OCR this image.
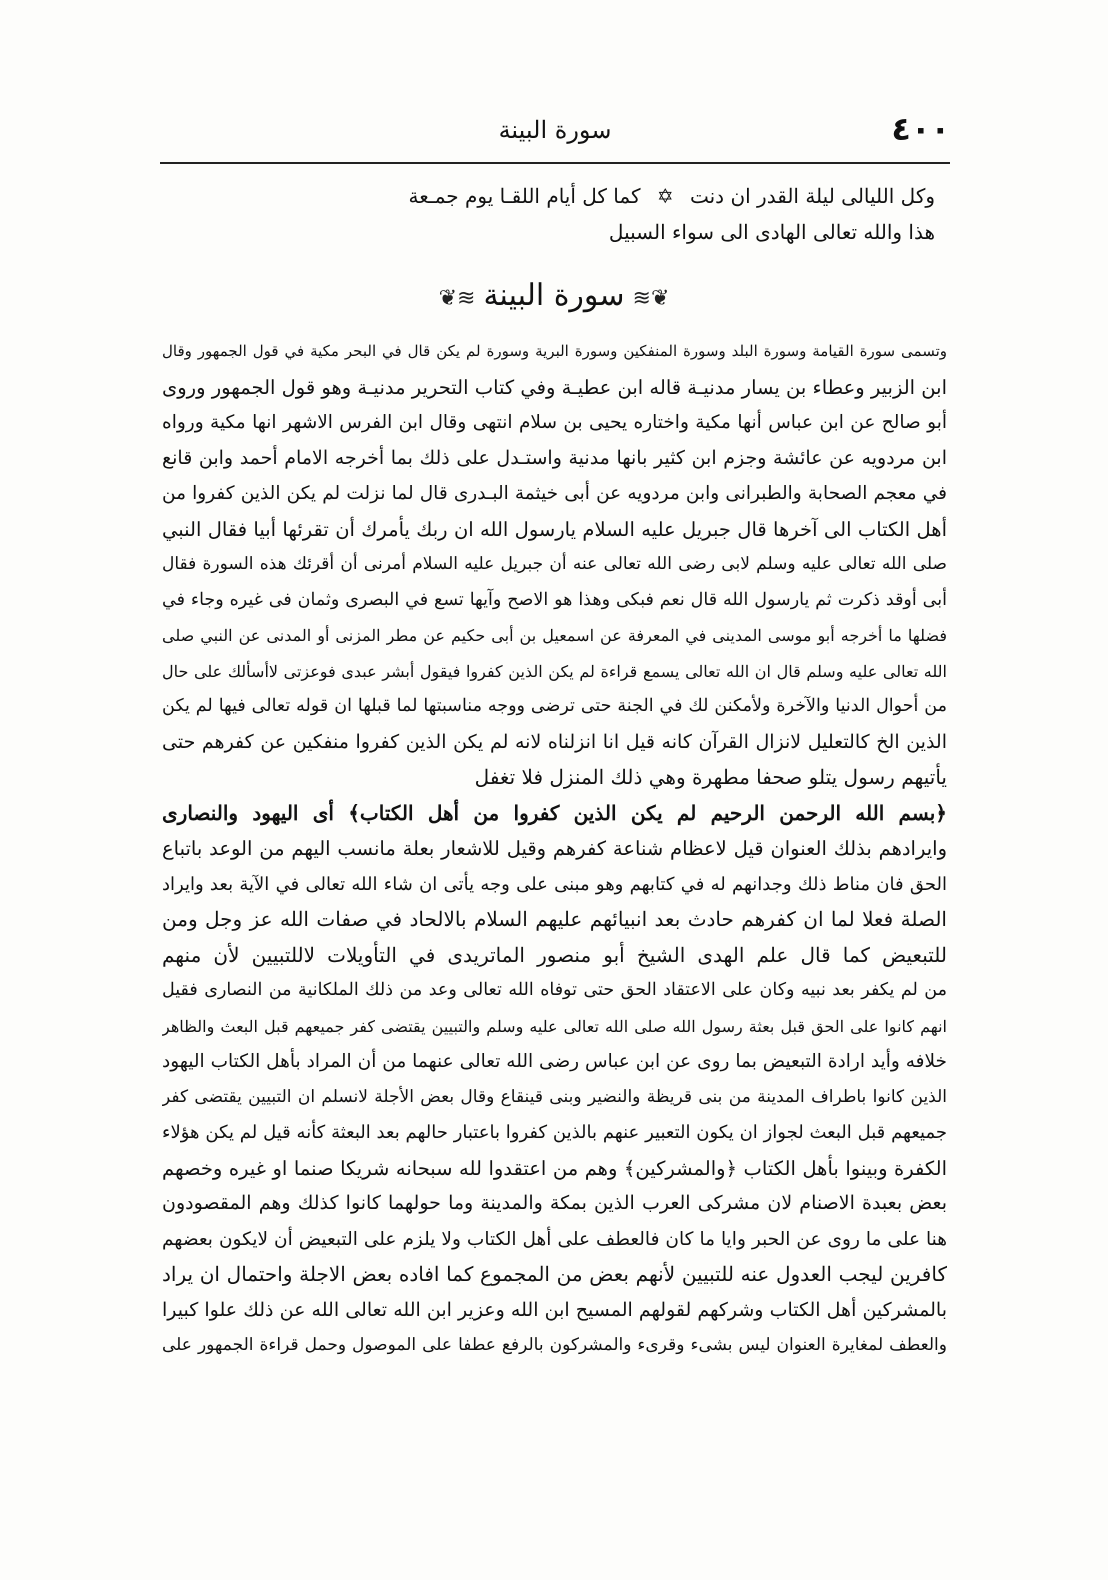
٤٠٠
سورة البينة
وكل الليالى ليلة القدر ان دنت ✡ كما كل أيام اللقـا يوم جمـعة
هذا والله تعالى الهادى الى سواء السبيل
❦≋سورة البينة≋❦
وتسمى سورة القيامة وسورة البلد وسورة المنفكين وسورة البرية وسورة لم يكن قال في البحر مكية في قول الجمهور وقال
ابن الزبير وعطاء بن يسار مدنيـة قاله ابن عطيـة وفي كتاب التحرير مدنيـة وهو قول الجمهور وروى
أبو صالح عن ابن عباس أنها مكية واختاره يحيى بن سلام انتهى وقال ابن الفرس الاشهر انها مكية ورواه
ابن مردويه عن عائشة وجزم ابن كثير بانها مدنية واستـدل على ذلك بما أخرجه الامام أحمد وابن قانع
في معجم الصحابة والطبرانى وابن مردويه عن أبى خيثمة البـدرى قال لما نزلت لم يكن الذين كفروا من
أهل الكتاب الى آخرها قال جبريل عليه السلام يارسول الله ان ربك يأمرك أن تقرئها أبيا فقال النبي
صلى الله تعالى عليه وسلم لابى رضى الله تعالى عنه أن جبريل عليه السلام أمرنى أن أقرئك هذه السورة فقال
أبى أوقد ذكرت ثم يارسول الله قال نعم فبكى وهذا هو الاصح وآيها تسع في البصرى وثمان فى غيره وجاء في
فضلها ما أخرجه أبو موسى المدينى في المعرفة عن اسمعيل بن أبى حكيم عن مطر المزنى أو المدنى عن النبي صلى
الله تعالى عليه وسلم قال ان الله تعالى يسمع قراءة لم يكن الذين كفروا فيقول أبشر عبدى فوعزتى لاأسألك على حال
من أحوال الدنيا والآخرة ولأمكنن لك في الجنة حتى ترضى ووجه مناسبتها لما قبلها ان قوله تعالى فيها لم يكن
الذين الخ كالتعليل لانزال القرآن كانه قيل انا انزلناه لانه لم يكن الذين كفروا منفكين عن كفرهم حتى
يأتيهم رسول يتلو صحفا مطهرة وهي ذلك المنزل فلا تغفل
﴿بسم الله الرحمن الرحيم لم يكن الذين كفروا من أهل الكتاب﴾ أى اليهود والنصارى
وايرادهم بذلك العنوان قيل لاعظام شناعة كفرهم وقيل للاشعار بعلة مانسب اليهم من الوعد باتباع
الحق فان مناط ذلك وجدانهم له في كتابهم وهو مبنى على وجه يأتى ان شاء الله تعالى في الآية بعد وايراد
الصلة فعلا لما ان كفرهم حادث بعد انبيائهم عليهم السلام بالالحاد في صفات الله عز وجل ومن
للتبعيض كما قال علم الهدى الشيخ أبو منصور الماتريدى في التأويلات لاللتبيين لأن منهم
من لم يكفر بعد نبيه وكان على الاعتقاد الحق حتى توفاه الله تعالى وعد من ذلك الملكانية من النصارى فقيل
انهم كانوا على الحق قبل بعثة رسول الله صلى الله تعالى عليه وسلم والتبيين يقتضى كفر جميعهم قبل البعث والظاهر
خلافه وأيد ارادة التبعيض بما روى عن ابن عباس رضى الله تعالى عنهما من أن المراد بأهل الكتاب اليهود
الذين كانوا باطراف المدينة من بنى قريظة والنضير وبنى قينقاع وقال بعض الأجلة لانسلم ان التبيين يقتضى كفر
جميعهم قبل البعث لجواز ان يكون التعبير عنهم بالذين كفروا باعتبار حالهم بعد البعثة كأنه قيل لم يكن هؤلاء
الكفرة وبينوا بأهل الكتاب ﴿والمشركين﴾ وهم من اعتقدوا لله سبحانه شريكا صنما او غيره وخصهم
بعض بعبدة الاصنام لان مشركى العرب الذين بمكة والمدينة وما حولهما كانوا كذلك وهم المقصودون
هنا على ما روى عن الحبر وايا ما كان فالعطف على أهل الكتاب ولا يلزم على التبعيض أن لايكون بعضهم
كافرين ليجب العدول عنه للتبيين لأنهم بعض من المجموع كما افاده بعض الاجلة واحتمال ان يراد
بالمشركين أهل الكتاب وشركهم لقولهم المسيح ابن الله وعزير ابن الله تعالى الله عن ذلك علوا كبيرا
والعطف لمغايرة العنوان ليس بشىء وقرىء والمشركون بالرفع عطفا على الموصول وحمل قراءة الجمهور على
